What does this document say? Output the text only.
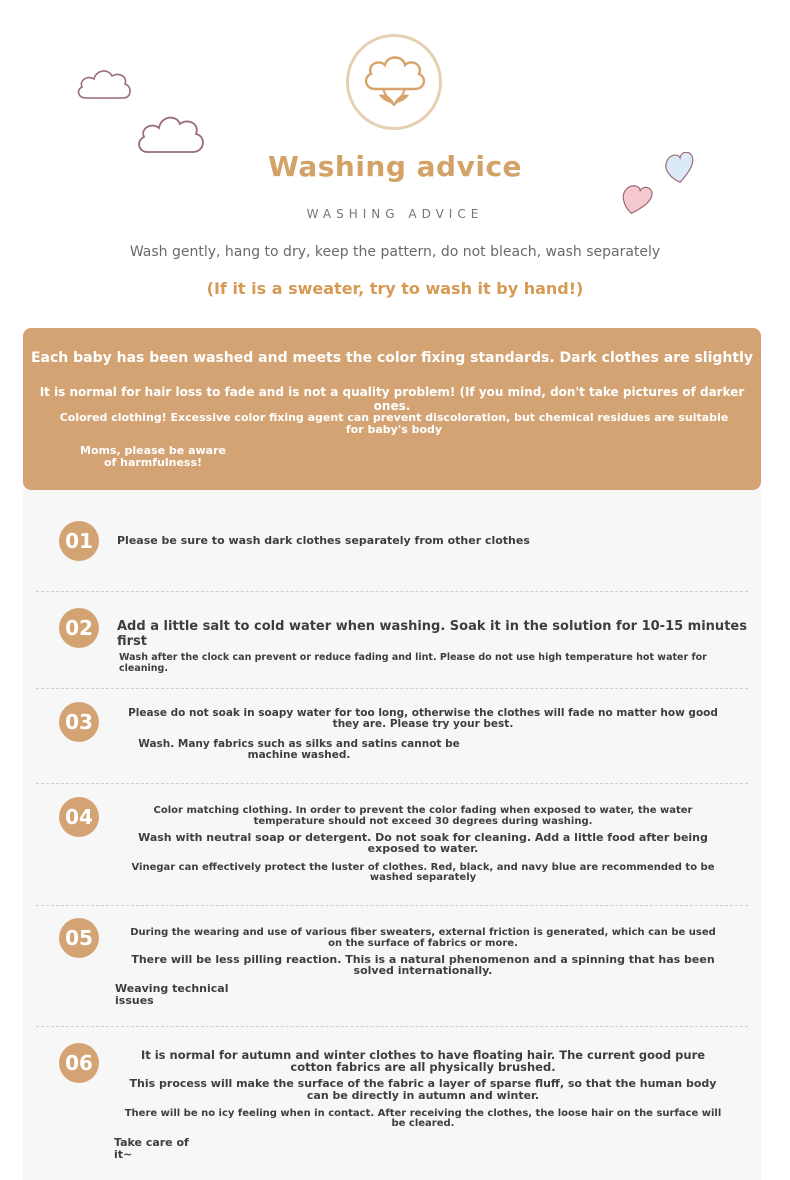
Washing advice
WASHING ADVICE
Wash gently, hang to dry, keep the pattern, do not bleach, wash separately
(If it is a sweater, try to wash it by hand!)
Each baby has been washed and meets the color fixing standards. Dark clothes are slightly
It is normal for hair loss to fade and is not a quality problem! (If you mind, don't take pictures of darker ones.
Colored clothing! Excessive color fixing agent can prevent discoloration, but chemical residues are suitable for baby's body
Moms, please be aware of harmfulness!
01	Please be sure to wash dark clothes separately from other clothes
02	Add a little salt to cold water when washing. Soak it in the solution for 10-15 minutes first
Wash after the clock can prevent or reduce fading and lint. Please do not use high temperature hot water for cleaning.
03	Please do not soak in soapy water for too long, otherwise the clothes will fade no matter how good they are. Please try your best.
Wash. Many fabrics such as silks and satins cannot be machine washed.
04	Color matching clothing. In order to prevent the color fading when exposed to water, the water temperature should not exceed 30 degrees during washing.
Wash with neutral soap or detergent. Do not soak for cleaning. Add a little food after being exposed to water.
Vinegar can effectively protect the luster of clothes. Red, black, and navy blue are recommended to be washed separately
05	During the wearing and use of various fiber sweaters, external friction is generated, which can be used on the surface of fabrics or more.
There will be less pilling reaction. This is a natural phenomenon and a spinning that has been solved internationally.
Weaving technical issues
06	It is normal for autumn and winter clothes to have floating hair. The current good pure cotton fabrics are all physically brushed.
This process will make the surface of the fabric a layer of sparse fluff, so that the human body can be directly in autumn and winter.
There will be no icy feeling when in contact. After receiving the clothes, the loose hair on the surface will be cleared.
Take care of it~
